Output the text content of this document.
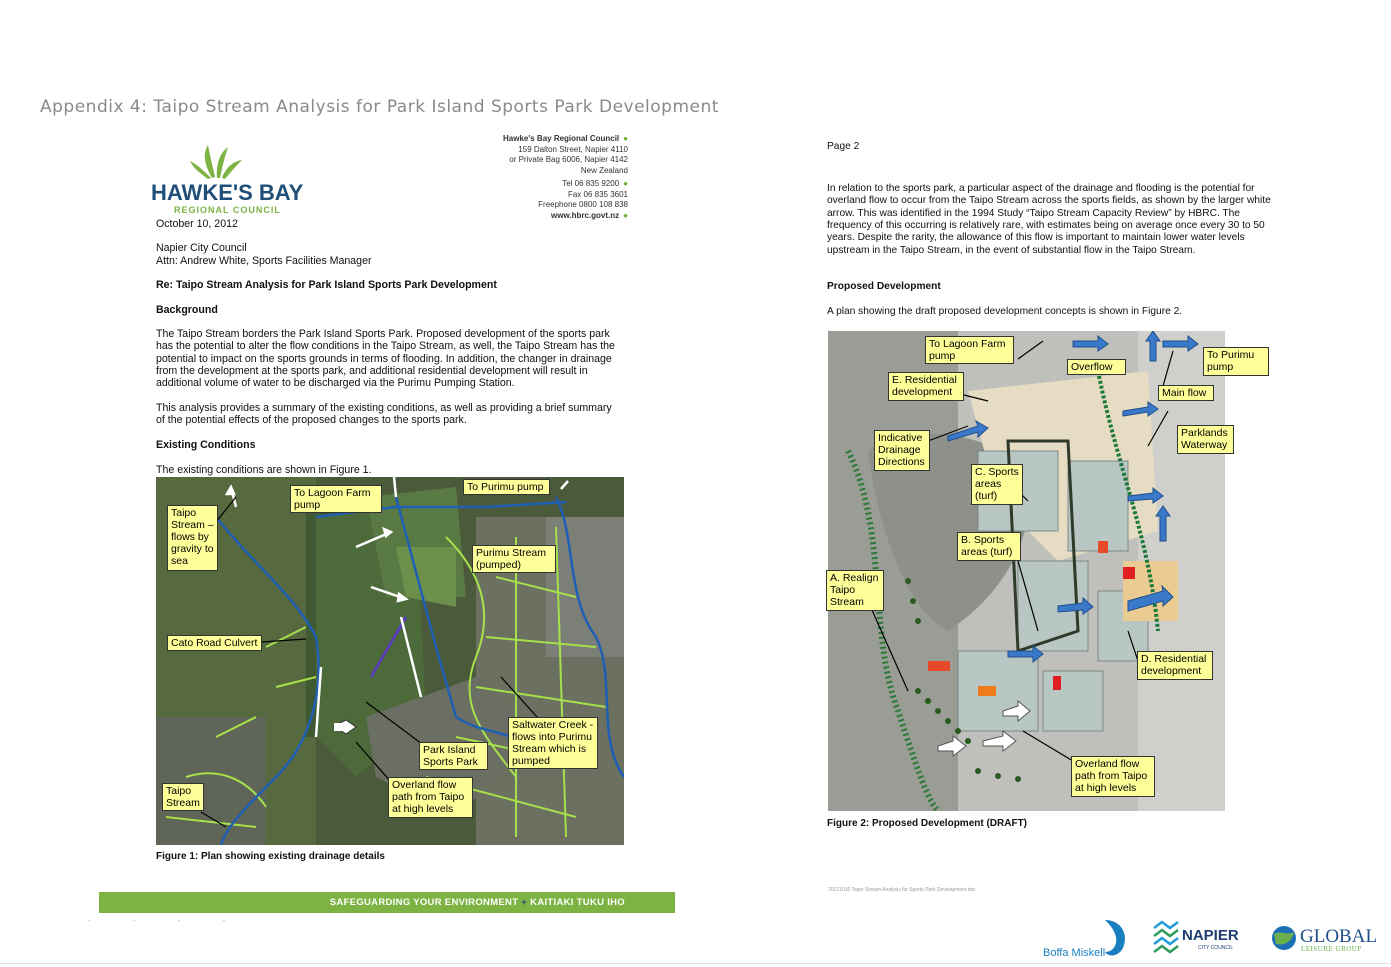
Appendix 4: Taipo Stream Analysis for Park Island Sports Park Development
HAWKE'S BAY
REGIONAL COUNCIL
Hawke's Bay Regional Council ●
159 Dalton Street, Napier 4110
or Private Bag 6006, Napier 4142
New Zealand
Tel 06 835 9200 ●
Fax 06 835 3601
Freephone 0800 108 838
www.hbrc.govt.nz ●
October 10, 2012
Napier City Council
Attn: Andrew White, Sports Facilities Manager
Re: Taipo Stream Analysis for Park Island Sports Park Development
Background
The Taipo Stream borders the Park Island Sports Park. Proposed development of the sports park
has the potential to alter the flow conditions in the Taipo Stream, as well, the Taipo Stream has the
potential to impact on the sports grounds in terms of flooding. In addition, the changer in drainage
from the development at the sports park, and additional residential development will result in
additional volume of water to be discharged via the Purimu Pumping Station.
This analysis provides a summary of the existing conditions, as well as providing a brief summary
of the potential effects of the proposed changes to the sports park.
Existing Conditions
The existing conditions are shown in Figure 1.
Taipo Stream – flows by gravity to sea
To Lagoon Farm pump
To Purimu pump
Purimu Stream (pumped)
Cato Road Culvert
Saltwater Creek - flows into Purimu Stream which is pumped
Park Island Sports Park
Overland flow path from Taipo at high levels
Taipo Stream
Figure 1: Plan showing existing drainage details
SAFEGUARDING YOUR ENVIRONMENT + KAITIAKI TUKU IHO
- - - -
Page 2
In relation to the sports park, a particular aspect of the drainage and flooding is the potential for
overland flow to occur from the Taipo Stream across the sports fields, as shown by the larger white
arrow. This was identified in the 1994 Study “Taipo Stream Capacity Review” by HBRC. The
frequency of this occurring is relatively rare, with estimates being on average once every 30 to 50
years. Despite the rarity, the allowance of this flow is important to maintain lower water levels
upstream in the Taipo Stream, in the event of substantial flow in the Taipo Stream.
Proposed Development
A plan showing the draft proposed development concepts is shown in Figure 2.
To Lagoon Farm pump
Overflow
To Purimu pump
E. Residential development	Main flow
Indicative Drainage Directions
Parklands Waterway
C. Sports areas (turf)
B. Sports areas (turf)
A. Realign Taipo Stream
D. Residential development
Overland flow path from Taipo at high levels
Figure 2: Proposed Development (DRAFT)
20121010 Taipo Stream Analysis for Sports Park Development.doc
Boffa Miskell
NAPIER
CITY COUNCIL
GLOBAL
LEISURE GROUP
